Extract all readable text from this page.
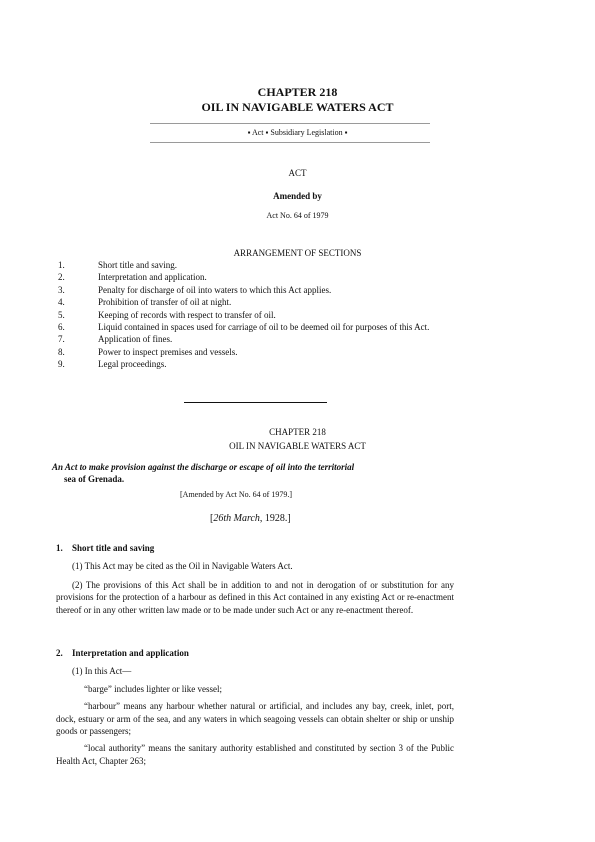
CHAPTER 218
OIL IN NAVIGABLE WATERS ACT
▪ Act ▪ Subsidiary Legislation ▪
ACT
Amended by
Act No. 64 of 1979
ARRANGEMENT OF SECTIONS
1.	Short title and saving.
2.	Interpretation and application.
3.	Penalty for discharge of oil into waters to which this Act applies.
4.	Prohibition of transfer of oil at night.
5.	Keeping of records with respect to transfer of oil.
6.	Liquid contained in spaces used for carriage of oil to be deemed oil for purposes of this Act.
7.	Application of fines.
8.	Power to inspect premises and vessels.
9.	Legal proceedings.
CHAPTER 218
OIL IN NAVIGABLE WATERS ACT
An Act to make provision against the discharge or escape of oil into the territorial
sea of Grenada.
[Amended by Act No. 64 of 1979.]
[26th March, 1928.]
1.	Short title and saving
(1) This Act may be cited as the Oil in Navigable Waters Act.
(2) The provisions of this Act shall be in addition to and not in derogation of or substitution for any provisions for the protection of a harbour as defined in this Act contained in any existing Act or re-enactment thereof or in any other written law made or to be made under such Act or any re-enactment thereof.
2.	Interpretation and application
(1) In this Act—
“barge” includes lighter or like vessel;
“harbour” means any harbour whether natural or artificial, and includes any bay, creek, inlet, port, dock, estuary or arm of the sea, and any waters in which seagoing vessels can obtain shelter or ship or unship goods or passengers;
“local authority” means the sanitary authority established and constituted by section 3 of the Public Health Act, Chapter 263;
